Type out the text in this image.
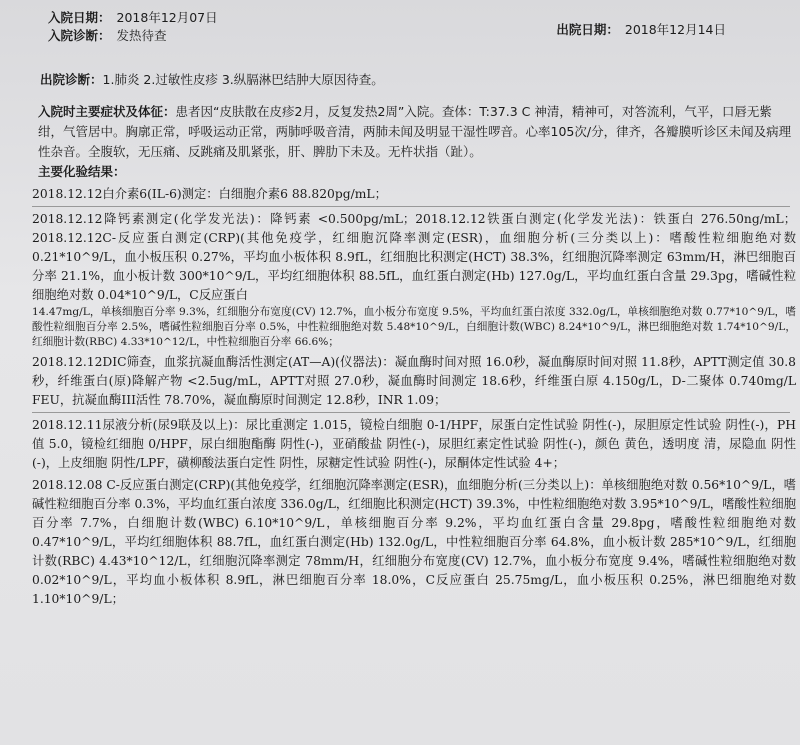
入院日期： 2018年12月07日
出院日期： 2018年12月14日
入院诊断： 发热待查
出院诊断：1.肺炎 2.过敏性皮疹 3.纵膈淋巴结肿大原因待查。
入院时主要症状及体征：患者因“皮肤散在皮疹2月，反复发热2周”入院。查体：T:37.3 C 神清，精神可，对答流利，气平，口唇无紫绀，气管居中。胸廓正常，呼吸运动正常，两肺呼吸音清，两肺未闻及明显干湿性啰音。心率105次/分，律齐，各瓣膜听诊区未闻及病理性杂音。全腹软，无压痛、反跳痛及肌紧张，肝、脾肋下未及。无杵状指（趾）。
主要化验结果：
2018.12.12白介素6(IL-6)测定：白细胞介素6 88.820pg/mL；
2018.12.12降钙素测定(化学发光法)：降钙素 <0.500pg/mL；2018.12.12铁蛋白测定(化学发光法)：铁蛋白 276.50ng/mL；2018.12.12C-反应蛋白测定(CRP)(其他免疫学，红细胞沉降率测定(ESR)，血细胞分析(三分类以上)：嗜酸性粒细胞绝对数 0.21*10^9/L，血小板压积 0.27%，平均血小板体积 8.9fL，红细胞比积测定(HCT) 38.3%，红细胞沉降率测定 63mm/H，淋巴细胞百分率 21.1%，血小板计数 300*10^9/L，平均红细胞体积 88.5fL，血红蛋白测定(Hb) 127.0g/L，平均血红蛋白含量 29.3pg，嗜碱性粒细胞绝对数 0.04*10^9/L，C反应蛋白
14.47mg/L，单核细胞百分率 9.3%，红细胞分布宽度(CV) 12.7%，血小板分布宽度 9.5%，平均血红蛋白浓度 332.0g/L，单核细胞绝对数 0.77*10^9/L，嗜酸性粒细胞百分率 2.5%，嗜碱性粒细胞百分率 0.5%，中性粒细胞绝对数 5.48*10^9/L，白细胞计数(WBC) 8.24*10^9/L，淋巴细胞绝对数 1.74*10^9/L，红细胞计数(RBC) 4.33*10^12/L，中性粒细胞百分率 66.6%；
2018.12.12DIC筛查，血浆抗凝血酶活性测定(AT—A)(仪器法)：凝血酶时间对照 16.0秒，凝血酶原时间对照 11.8秒，APTT测定值 30.8秒，纤维蛋白(原)降解产物 <2.5ug/mL，APTT对照 27.0秒，凝血酶时间测定 18.6秒，纤维蛋白原 4.150g/L，D-二聚体 0.740mg/L FEU，抗凝血酶III活性 78.70%，凝血酶原时间测定 12.8秒，INR 1.09；
2018.12.11尿液分析(尿9联及以上)：尿比重测定 1.015，镜检白细胞 0-1/HPF，尿蛋白定性试验 阴性(-)，尿胆原定性试验 阴性(-)，PH值 5.0，镜检红细胞 0/HPF，尿白细胞酯酶 阴性(-)，亚硝酸盐 阴性(-)，尿胆红素定性试验 阴性(-)，颜色 黄色，透明度 清，尿隐血 阴性(-)，上皮细胞 阴性/LPF，磺柳酸法蛋白定性 阴性，尿糖定性试验 阴性(-)，尿酮体定性试验 4+；
2018.12.08 C-反应蛋白测定(CRP)(其他免疫学，红细胞沉降率测定(ESR)，血细胞分析(三分类以上)：单核细胞绝对数 0.56*10^9/L，嗜碱性粒细胞百分率 0.3%，平均血红蛋白浓度 336.0g/L，红细胞比积测定(HCT) 39.3%，中性粒细胞绝对数 3.95*10^9/L，嗜酸性粒细胞百分率 7.7%，白细胞计数(WBC) 6.10*10^9/L，单核细胞百分率 9.2%，平均血红蛋白含量 29.8pg，嗜酸性粒细胞绝对数 0.47*10^9/L，平均红细胞体积 88.7fL，血红蛋白测定(Hb) 132.0g/L，中性粒细胞百分率 64.8%，血小板计数 285*10^9/L，红细胞计数(RBC) 4.43*10^12/L，红细胞沉降率测定 78mm/H，红细胞分布宽度(CV) 12.7%，血小板分布宽度 9.4%，嗜碱性粒细胞绝对数 0.02*10^9/L，平均血小板体积 8.9fL，淋巴细胞百分率 18.0%，C反应蛋白 25.75mg/L，血小板压积 0.25%，淋巴细胞绝对数 1.10*10^9/L；
